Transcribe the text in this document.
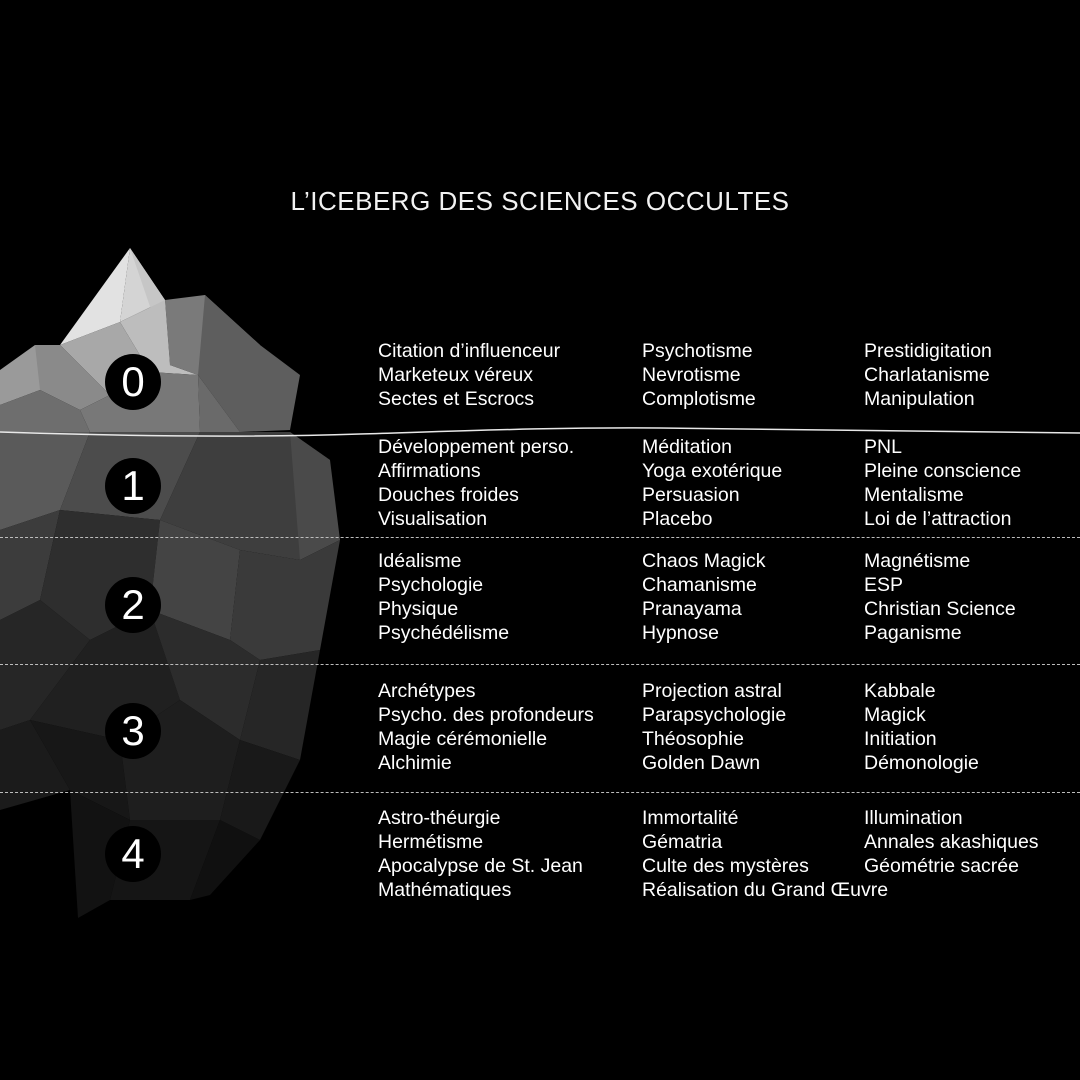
L’ICEBERG DES SCIENCES OCCULTES
0
Citation d’influenceur
Marketeux véreux
Sectes et Escrocs
Psychotisme
Nevrotisme
Complotisme
Prestidigitation
Charlatanisme
Manipulation
1
Développement perso.
Affirmations
Douches froides
Visualisation
Méditation
Yoga exotérique
Persuasion
Placebo
PNL
Pleine conscience
Mentalisme
Loi de l’attraction
2
Idéalisme
Psychologie
Physique
Psychédélisme
Chaos Magick
Chamanisme
Pranayama
Hypnose
Magnétisme
ESP
Christian Science
Paganisme
3
Archétypes
Psycho. des profondeurs
Magie cérémonielle
Alchimie
Projection astral
Parapsychologie
Théosophie
Golden Dawn
Kabbale
Magick
Initiation
Démonologie
4
Astro-théurgie
Hermétisme
Apocalypse de St. Jean
Mathématiques
Immortalité
Gématria
Culte des mystères
Réalisation du Grand Œuvre
Illumination
Annales akashiques
Géométrie sacrée
